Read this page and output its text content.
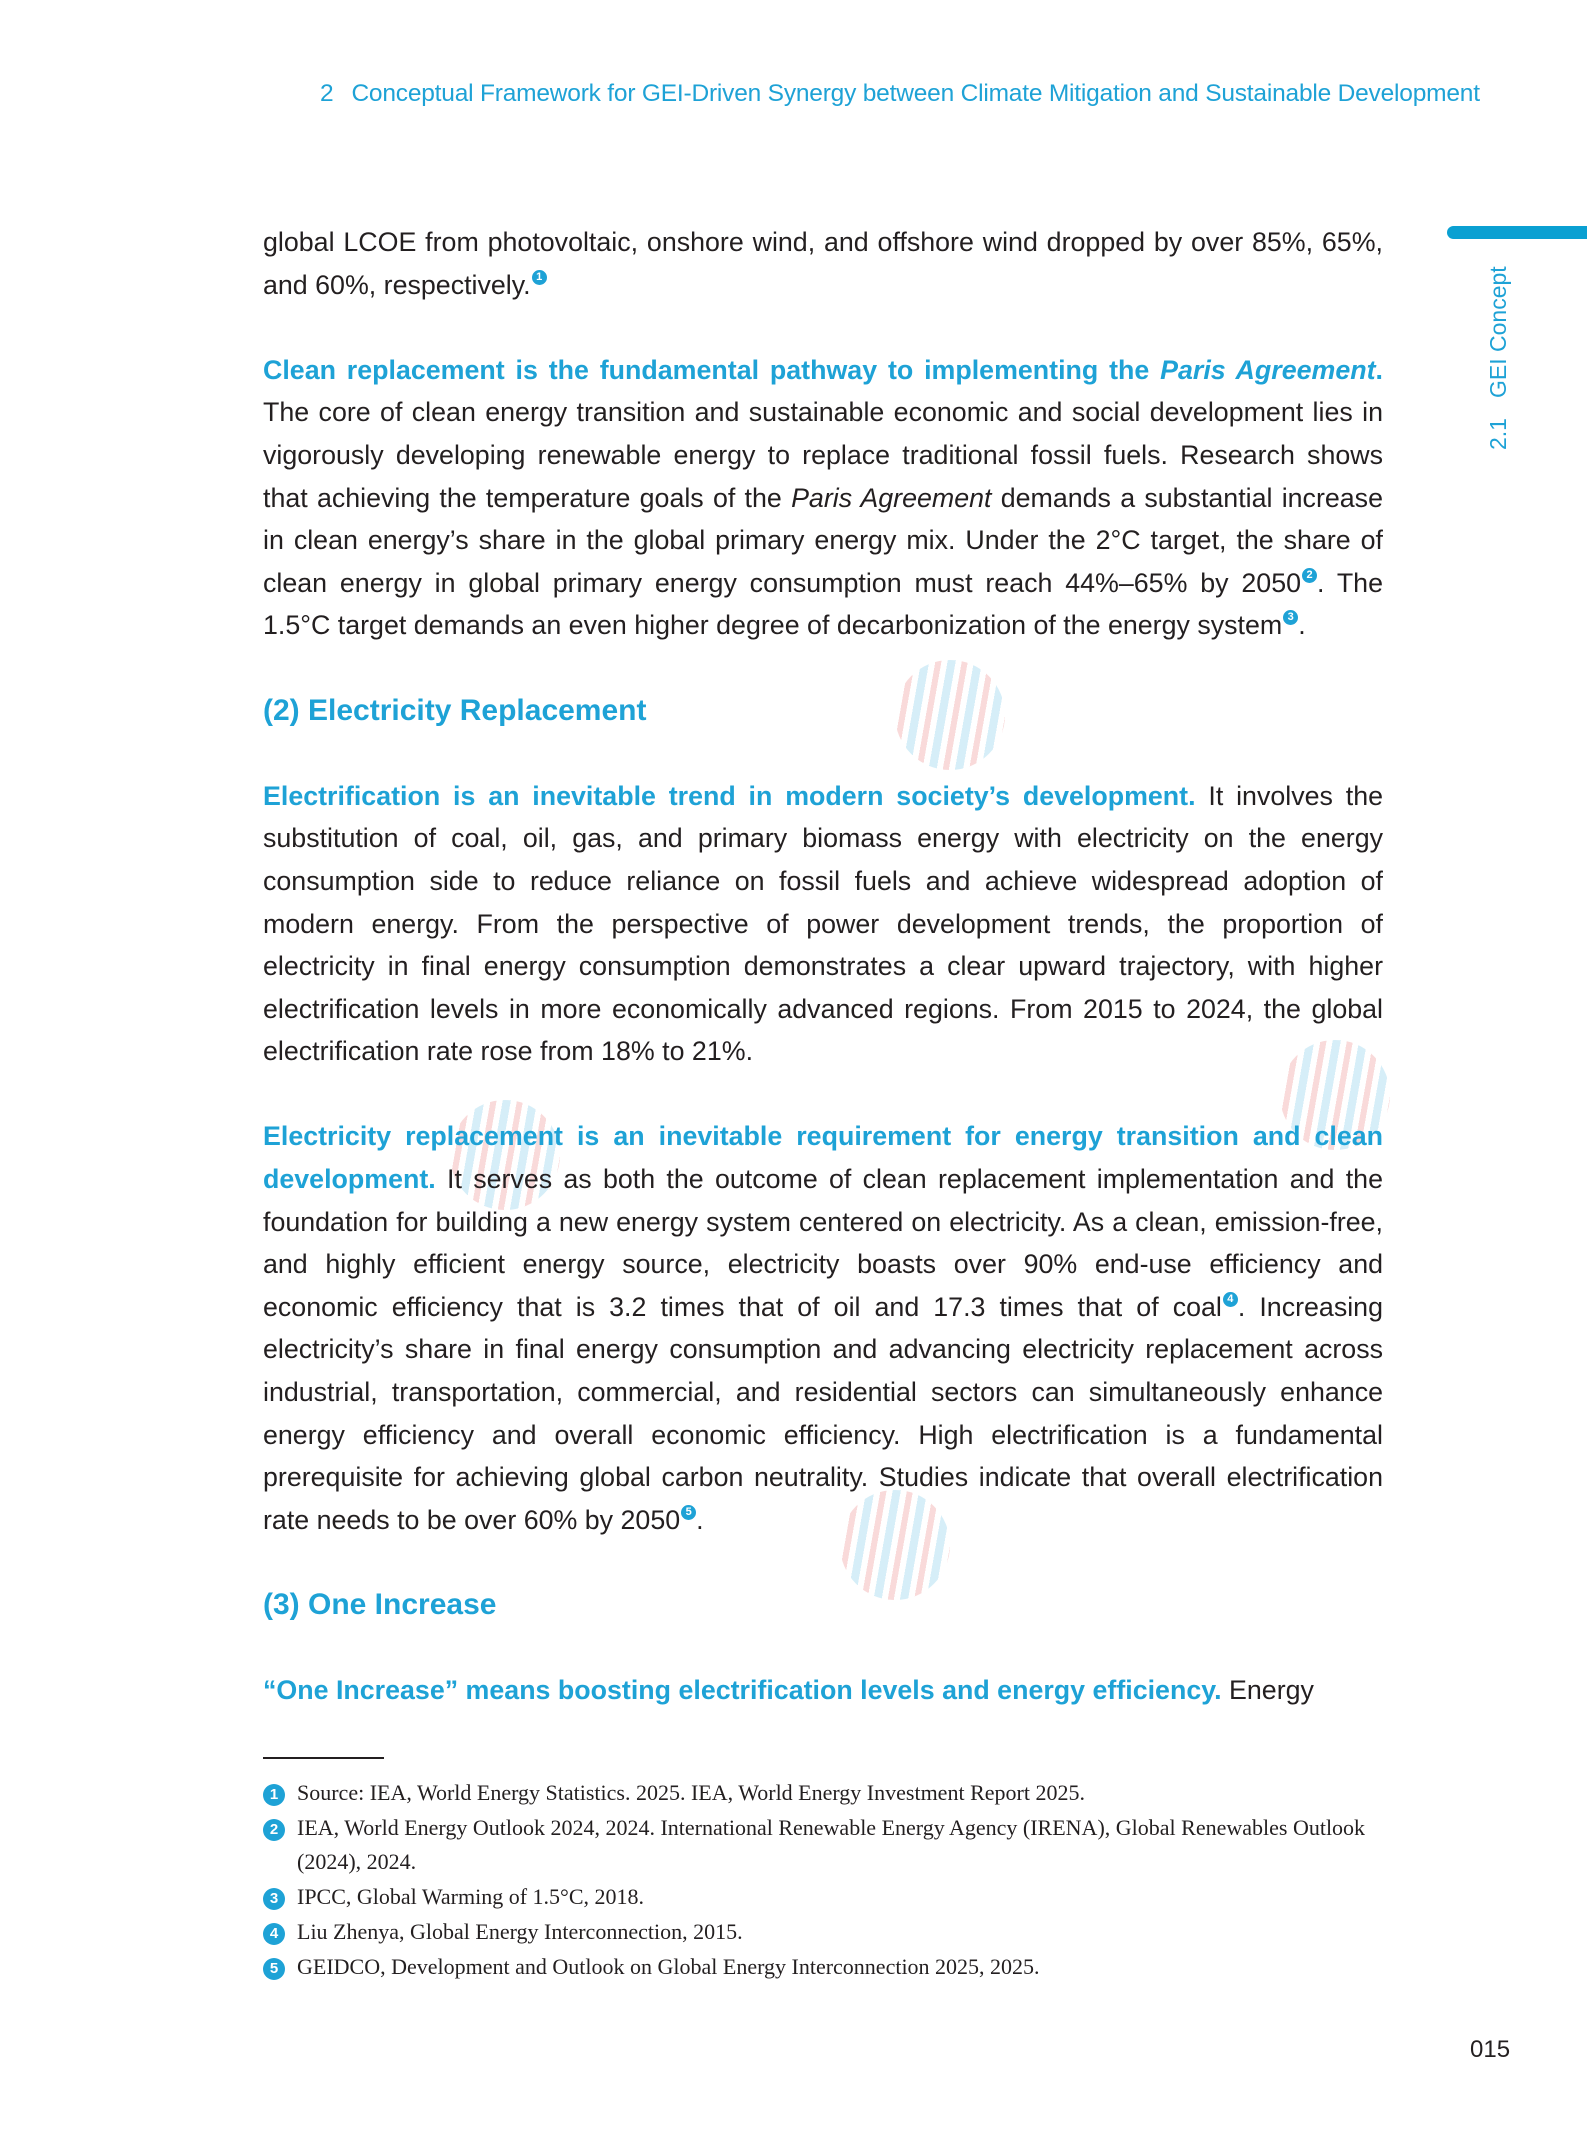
2 Conceptual Framework for GEI-Driven Synergy between Climate Mitigation and Sustainable Development
2.1GEI Concept

global LCOE from photovoltaic, onshore wind, and offshore wind dropped by over 85%, 65%, and 60%, respectively. $^1$

Clean replacement is the fundamental pathway to implementing the Paris Agreement. The core of clean energy transition and sustainable economic and social development lies in vigorously developing renewable energy to replace traditional fossil fuels. Research shows that achieving the temperature goals of the Paris Agreement demands a substantial increase in clean energy’s share in the global primary energy mix. Under the 2°C target, the share of clean energy in global primary energy consumption must reach 44%–65% by 2050 $^2$ . The 1.5°C target demands an even higher degree of decarbonization of the energy system $^3$ .

(2) Electricity Replacement

Electrification is an inevitable trend in modern society’s development. It involves the substitution of coal, oil, gas, and primary biomass energy with electricity on the energy consumption side to reduce reliance on fossil fuels and achieve widespread adoption of modern energy. From the perspective of power development trends, the proportion of electricity in final energy consumption demonstrates a clear upward trajectory, with higher electrification levels in more economically advanced regions. From 2015 to 2024, the global electrification rate rose from 18% to 21%.

Electricity replacement is an inevitable requirement for energy transition and clean development. It serves as both the outcome of clean replacement implementation and the foundation for building a new energy system centered on electricity. As a clean, emission-free, and highly efficient energy source, electricity boasts over 90% end-use efficiency and economic efficiency that is 3.2 times that of oil and 17.3 times that of coal $^4$ . Increasing electricity’s share in final energy consumption and advancing electricity replacement across industrial, transportation, commercial, and residential sectors can simultaneously enhance energy efficiency and overall economic efficiency. High electrification is a fundamental prerequisite for achieving global carbon neutrality. Studies indicate that overall electrification rate needs to be over 60% by 2050 $^5$ .

(3) One Increase

“One Increase” means boosting electrification levels and energy efficiency. Energy

1 Source: IEA, World Energy Statistics. 2025. IEA, World Energy Investment Report 2025.
2 IEA, World Energy Outlook 2024, 2024. International Renewable Energy Agency (IRENA), Global Renewables Outlook (2024), 2024.
3 IPCC, Global Warming of 1.5°C, 2018.
4 Liu Zhenya, Global Energy Interconnection, 2015.
5 GEIDCO, Development and Outlook on Global Energy Interconnection 2025, 2025.
015
